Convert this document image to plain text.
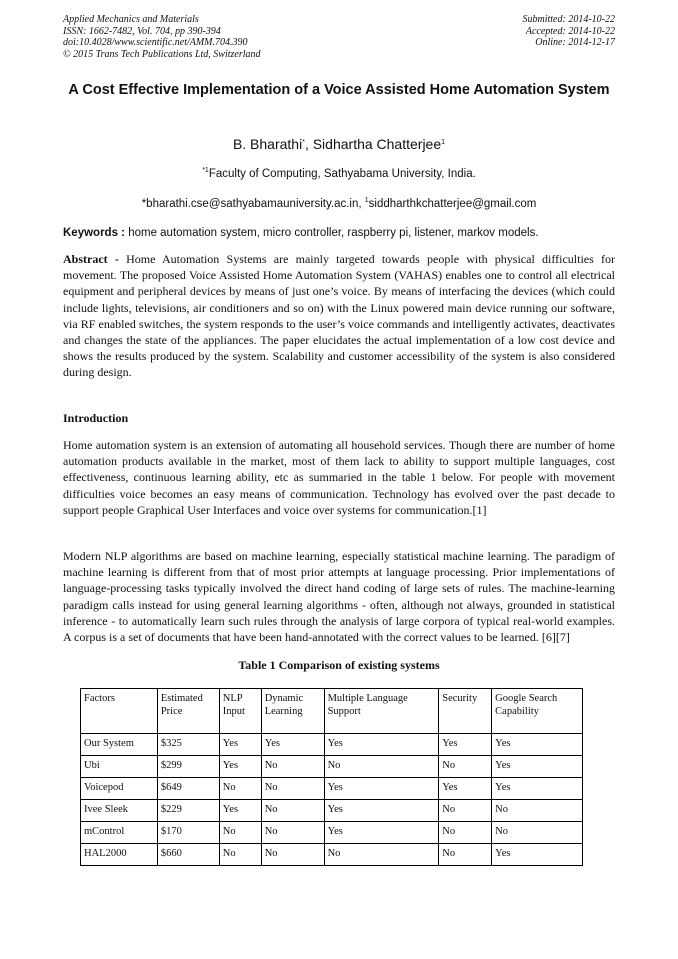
Applied Mechanics and Materials
ISSN: 1662-7482, Vol. 704, pp 390-394
doi:10.4028/www.scientific.net/AMM.704.390
© 2015 Trans Tech Publications Ltd, Switzerland
Submitted: 2014-10-22
Accepted: 2014-10-22
Online: 2014-12-17
A Cost Effective Implementation of a Voice Assisted Home Automation System
B. Bharathi*, Sidhartha Chatterjee$^1$
$^{*1}$Faculty of Computing, Sathyabama University, India.
*bharathi.cse@sathyabamauniversity.ac.in, $^1$siddharthkchatterjee@gmail.com
Keywords : home automation system, micro controller, raspberry pi, listener, markov models.

Abstract - Home Automation Systems are mainly targeted towards people with physical difficulties for movement. The proposed Voice Assisted Home Automation System (VAHAS) enables one to control all electrical equipment and peripheral devices by means of just one’s voice. By means of interfacing the devices (which could include lights, televisions, air conditioners and so on) with the Linux powered main device running our software, via RF enabled switches, the system responds to the user’s voice commands and intelligently activates, deactivates and changes the state of the appliances. The paper elucidates the actual implementation of a low cost device and shows the results produced by the system. Scalability and customer accessibility of the system is also considered during design.

Introduction

Home automation system is an extension of automating all household services. Though there are number of home automation products available in the market, most of them lack to ability to support multiple languages, cost effectiveness, continuous learning ability, etc as summaried in the table 1 below. For people with movement difficulties voice becomes an easy means of communication. Technology has evolved over the past decade to support people Graphical User Interfaces and voice over systems for communication.[1]

Modern NLP algorithms are based on machine learning, especially statistical machine learning. The paradigm of machine learning is different from that of most prior attempts at language processing. Prior implementations of language-processing tasks typically involved the direct hand coding of large sets of rules. The machine-learning paradigm calls instead for using general learning algorithms - often, although not always, grounded in statistical inference - to automatically learn such rules through the analysis of large corpora of typical real-world examples. A corpus is a set of documents that have been hand-annotated with the correct values to be learned. [6][7]

Table 1 Comparison of existing systems
Factors	Estimated Price	NLP Input	Dynamic Learning	Multiple Language Support	Security	Google Search Capability
Our System	$325	Yes	Yes	Yes	Yes	Yes
Ubi	$299	Yes	No	No	No	Yes
Voicepod	$649	No	No	Yes	Yes	Yes
Ivee Sleek	$229	Yes	No	Yes	No	No
mControl	$170	No	No	Yes	No	No
HAL2000	$660	No	No	No	No	Yes
